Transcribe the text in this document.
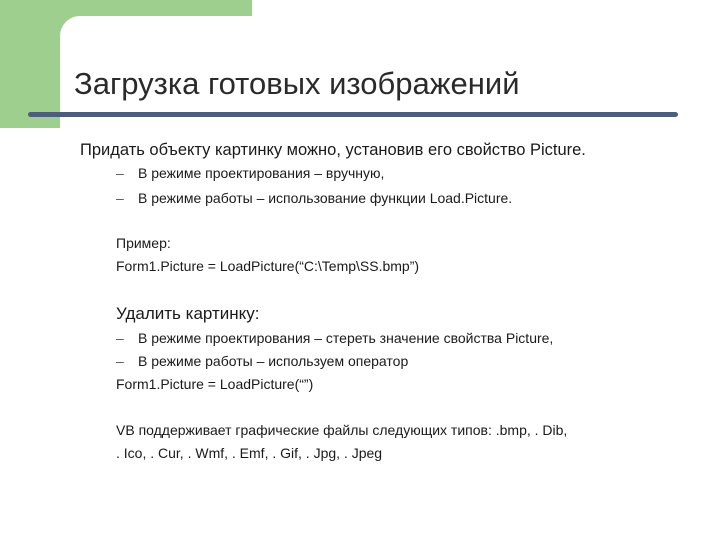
Загрузка готовых изображений

Придать объекту картинку можно, установив его свойство Picture.

– В режиме проектирования – вручную,

– В режиме работы – использование функции Load.Picture.

Пример:

Form1.Picture = LoadPicture(“C:\Temp\SS.bmp”)

Удалить картинку:

– В режиме проектирования – стереть значение свойства Picture,

– В режиме работы – используем оператор

Form1.Picture = LoadPicture(“”)

VB поддерживает графические файлы следующих типов: .bmp, . Dib,

. Ico, . Cur, . Wmf, . Emf, . Gif, . Jpg, . Jpeg
